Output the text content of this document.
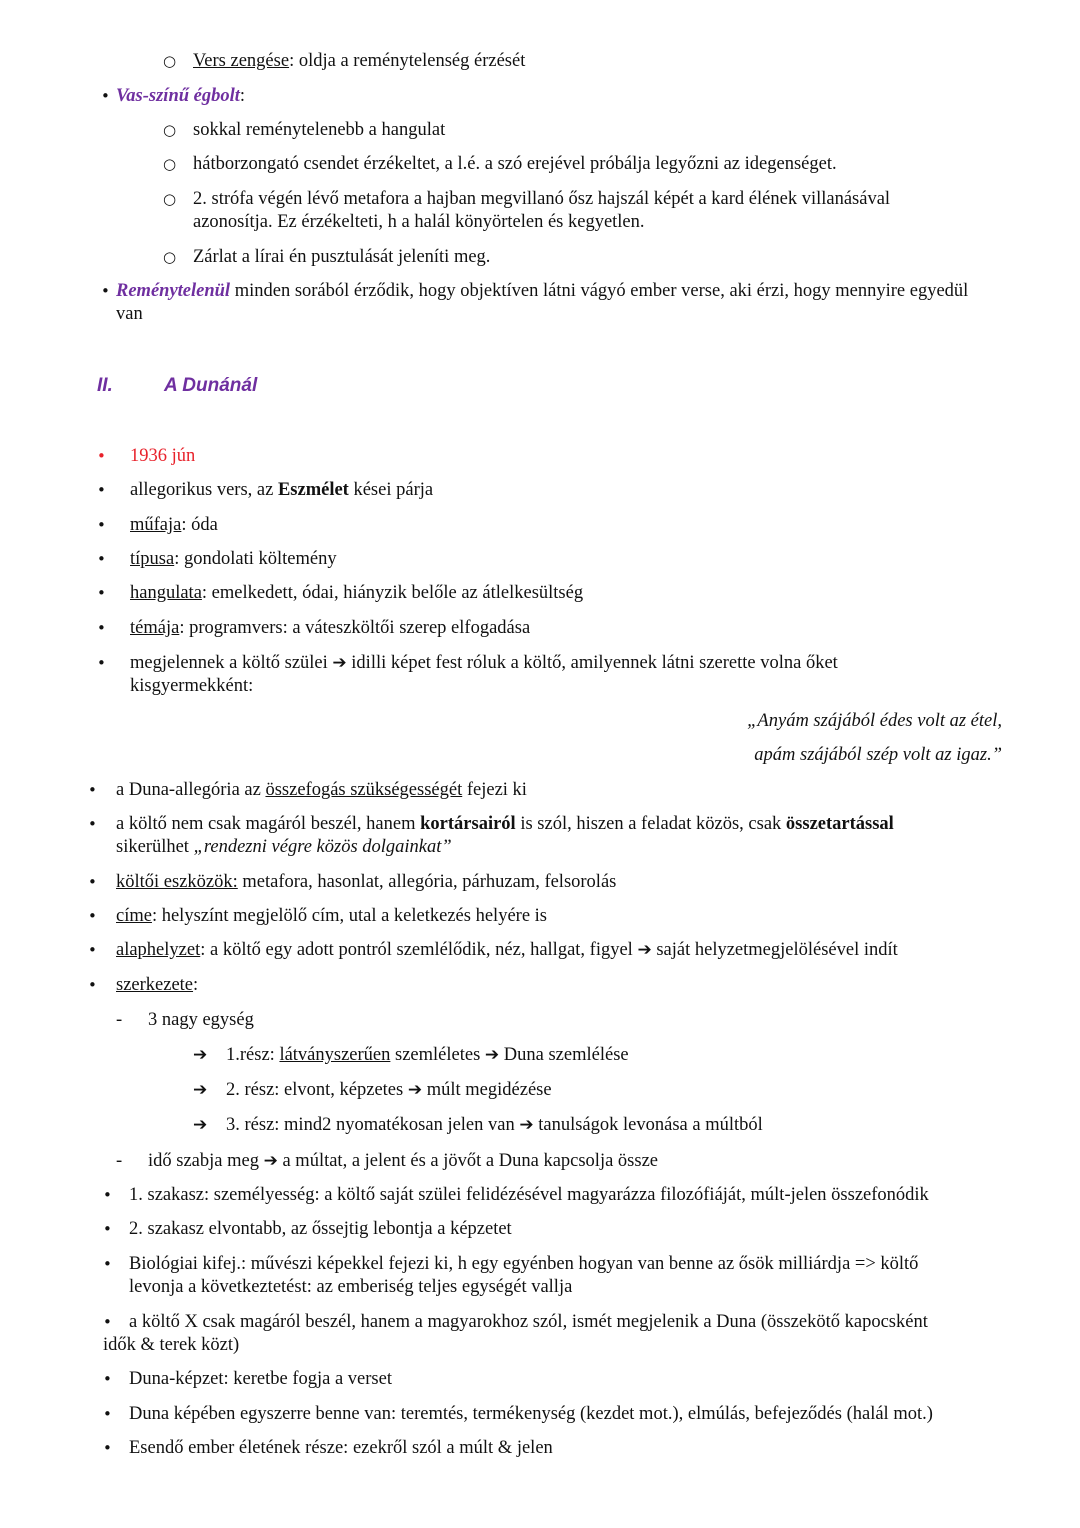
○ Vers zengése: oldja a reménytelenség érzését
• Vas-színű égbolt:
○ sokkal reménytelenebb a hangulat
○ hátborzongató csendet érzékeltet, a l.é. a szó erejével próbálja legyőzni az idegenséget.
○ 2. strófa végén lévő metafora a hajban megvillanó ősz hajszál képét a kard élének villanásával azonosítja. Ez érzékelteti, h a halál könyörtelen és kegyetlen.
○ Zárlat a lírai én pusztulását jeleníti meg.
• Reménytelenül minden sorából érződik, hogy objektíven látni vágyó ember verse, aki érzi, hogy mennyire egyedül van
II.	A Dunánál
• 1936 jún
• allegorikus vers, az Eszmélet kései párja
• műfaja: óda
• típusa: gondolati költemény
• hangulata: emelkedett, ódai, hiányzik belőle az átlelkesültség
• témája: programvers: a váteszköltői szerep elfogadása
• megjelennek a költő szülei ➔ idilli képet fest róluk a költő, amilyennek látni szerette volna őket kisgyermekként:
„Anyám szájából édes volt az étel,
apám szájából szép volt az igaz.”
• a Duna-allegória az összefogás szükségességét fejezi ki
• a költő nem csak magáról beszél, hanem kortársairól is szól, hiszen a feladat közös, csak összetartással
sikerülhet „rendezni végre közös dolgainkat”
• költői eszközök: metafora, hasonlat, allegória, párhuzam, felsorolás
• címe: helyszínt megjelölő cím, utal a keletkezés helyére is
• alaphelyzet: a költő egy adott pontról szemlélődik, néz, hallgat, figyel ➔ saját helyzetmegjelölésével indít
• szerkezete:
- 3 nagy egység
➔ 1.rész: látványszerűen szemléletes ➔ Duna szemlélése
➔ 2. rész: elvont, képzetes ➔ múlt megidézése
➔ 3. rész: mind2 nyomatékosan jelen van ➔ tanulságok levonása a múltból
- idő szabja meg ➔ a múltat, a jelent és a jövőt a Duna kapcsolja össze
• 1. szakasz: személyesség: a költő saját szülei felidézésével magyarázza filozófiáját, múlt-jelen összefonódik
• 2. szakasz elvontabb, az őssejtig lebontja a képzetet
• Biológiai kifej.: művészi képekkel fejezi ki, h egy egyénben hogyan van benne az ősök milliárdja => költő
levonja a következtetést: az emberiség teljes egységét vallja
• a költő X csak magáról beszél, hanem a magyarokhoz szól, ismét megjelenik a Duna (összekötő kapocsként
idők & terek közt)
• Duna-képzet: keretbe fogja a verset
• Duna képében egyszerre benne van: teremtés, termékenység (kezdet mot.), elmúlás, befejeződés (halál mot.)
• Esendő ember életének része: ezekről szól a múlt & jelen
